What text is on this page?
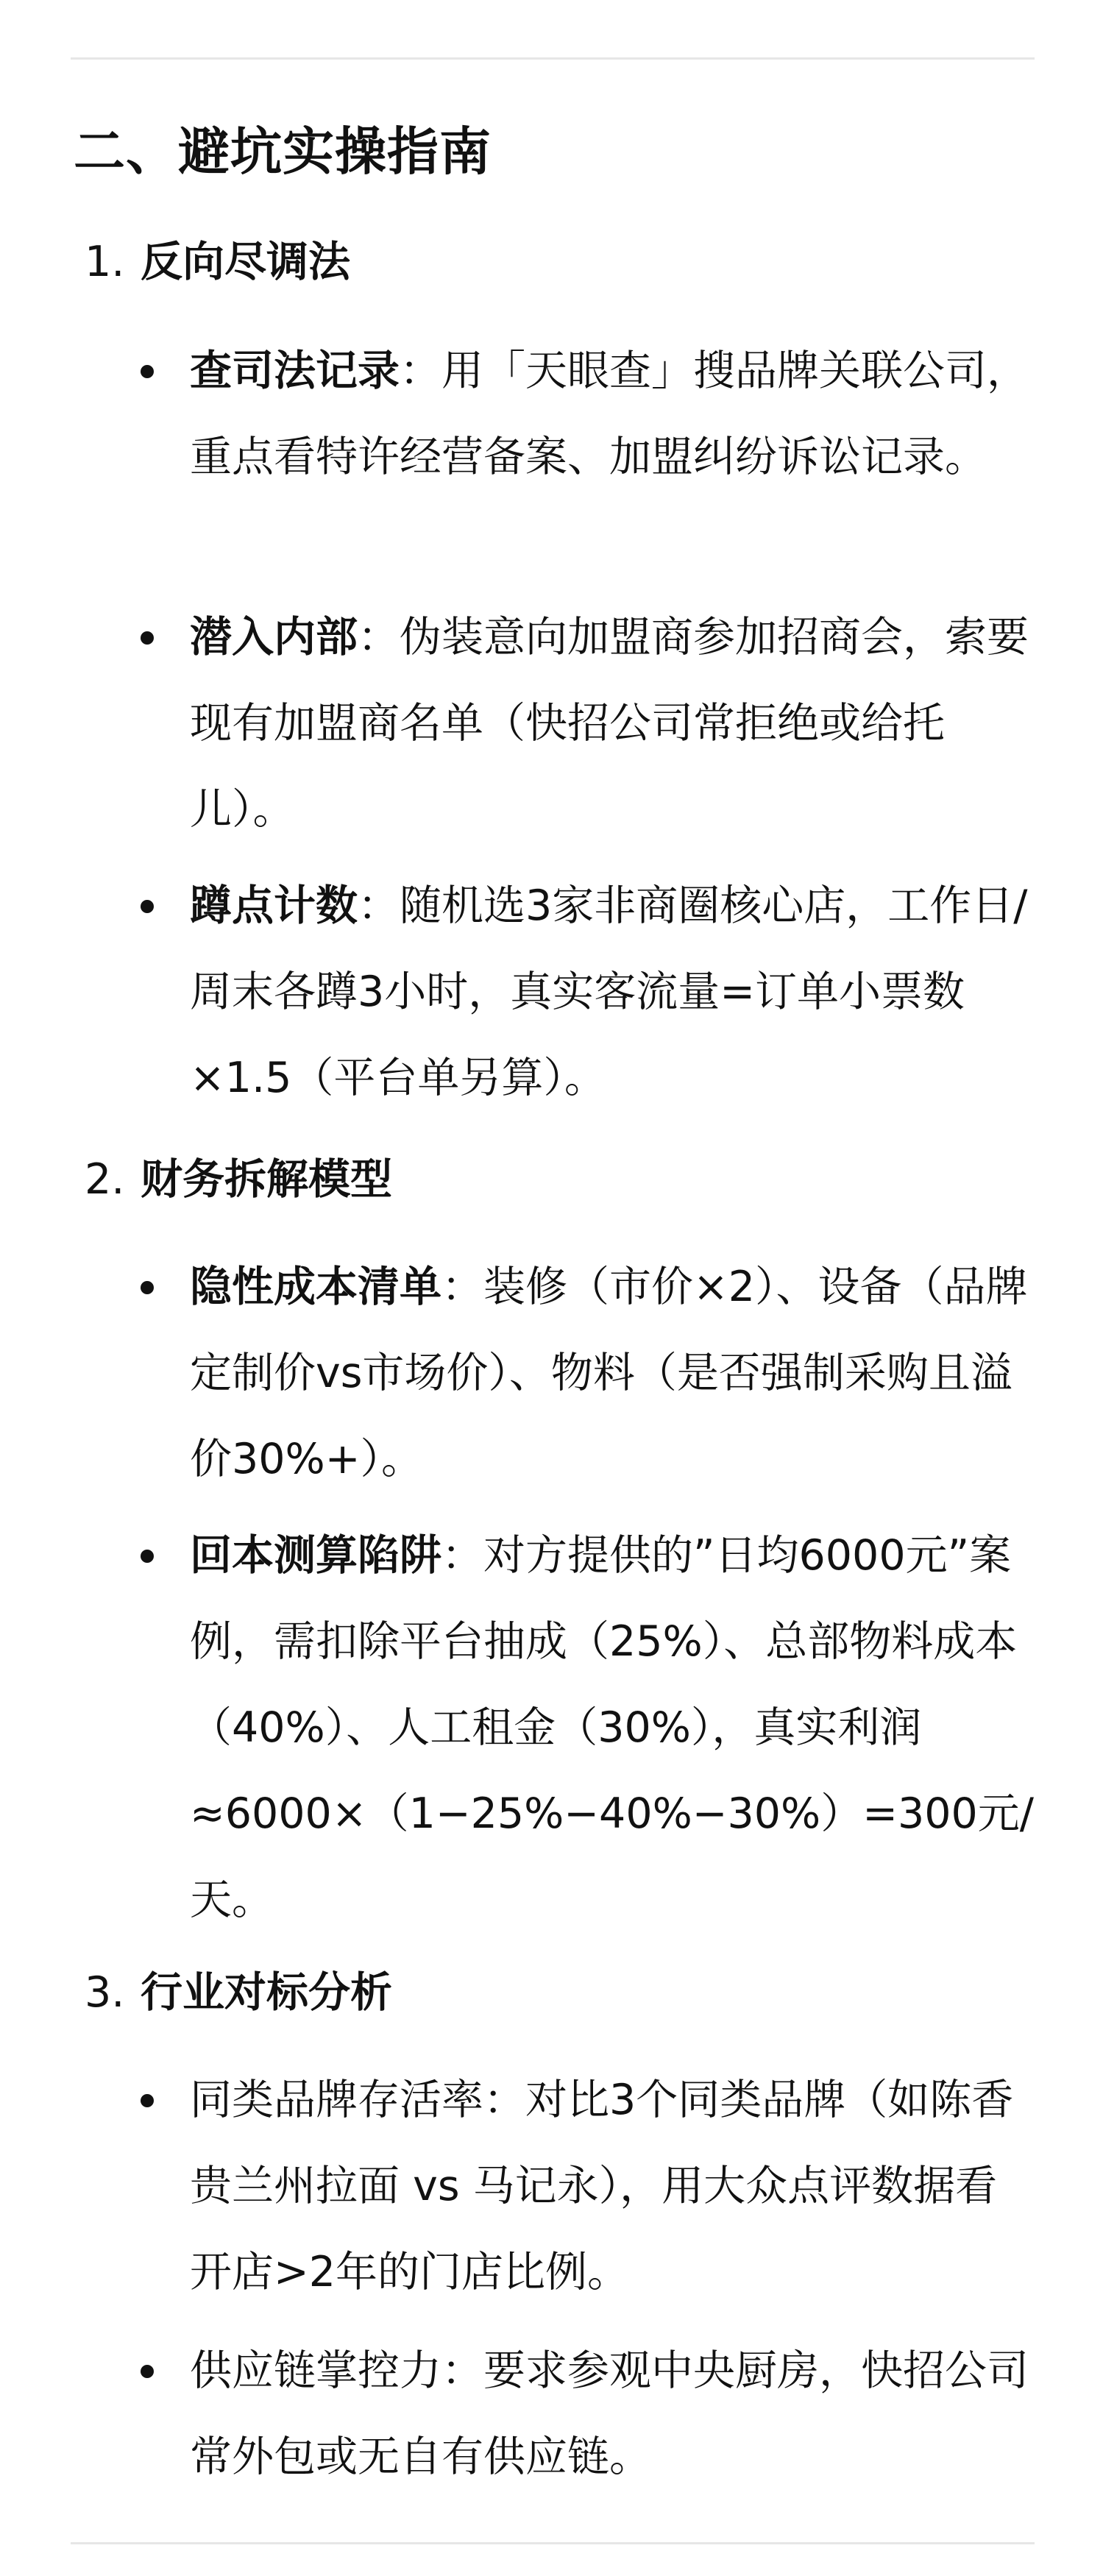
二、避坑实操指南
1. 反向尽调法
查司法记录：用「天眼查」搜品牌关联公司，重点看特许经营备案、加盟纠纷诉讼记录。
潜入内部：伪装意向加盟商参加招商会，索要现有加盟商名单（快招公司常拒绝或给托儿）。
蹲点计数：随机选3家非商圈核心店，工作日/周末各蹲3小时，真实客流量=订单小票数×1.5（平台单另算）。
2. 财务拆解模型
隐性成本清单：装修（市价×2）、设备（品牌定制价vs市场价）、物料（是否强制采购且溢价30%+）。
回本测算陷阱：对方提供的”日均6000元”案例，需扣除平台抽成（25%）、总部物料成本（40%）、人工租金（30%），真实利润≈6000×（1−25%−40%−30%）=300元/天。
3. 行业对标分析
同类品牌存活率：对比3个同类品牌（如陈香贵兰州拉面 vs 马记永），用大众点评数据看开店>2年的门店比例。
供应链掌控力：要求参观中央厨房，快招公司常外包或无自有供应链。
